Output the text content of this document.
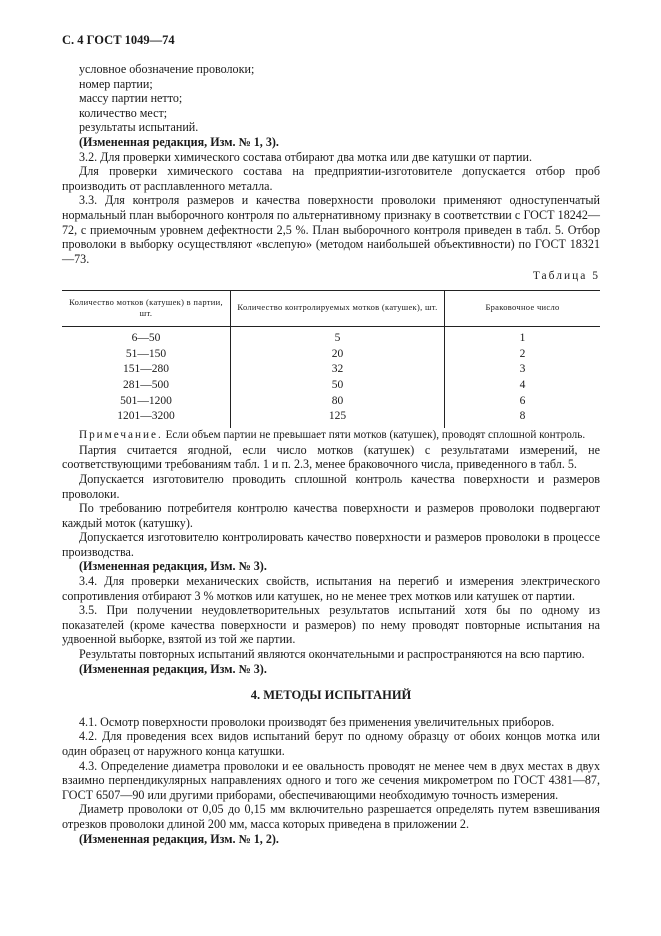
С. 4 ГОСТ 1049—74

условное обозначение проволоки;

номер партии;

массу партии нетто;

количество мест;

результаты испытаний.

(Измененная редакция, Изм. № 1, 3).

3.2. Для проверки химического состава отбирают два мотка или две катушки от партии.

Для проверки химического состава на предприятии-изготовителе допускается отбор проб производить от расплавленного металла.

3.3. Для контроля размеров и качества поверхности проволоки применяют одноступенчатый нормальный план выборочного контроля по альтернативному признаку в соответствии с ГОСТ 18242—72, с приемочным уровнем дефектности 2,5 %. План выборочного контроля приведен в табл. 5. Отбор проволоки в выборку осуществляют «вслепую» (методом наибольшей объективности) по ГОСТ 18321—73.

Таблица 5
Количество мотков (катушек) в партии, шт.	Количество контролируемых мотков (катушек), шт.	Браковочное число
6—50	5	1
51—150	20	2
151—280	32	3
281—500	50	4
501—1200	80	6
1201—3200	125	8

Примечание. Если объем партии не превышает пяти мотков (катушек), проводят сплошной контроль.

Партия считается ягодной, если число мотков (катушек) с результатами измерений, не соответствующими требованиям табл. 1 и п. 2.3, менее браковочного числа, приведенного в табл. 5.

Допускается изготовителю проводить сплошной контроль качества поверхности и размеров проволоки.

По требованию потребителя контролю качества поверхности и размеров проволоки подвергают каждый моток (катушку).

Допускается изготовителю контролировать качество поверхности и размеров проволоки в процессе производства.

(Измененная редакция, Изм. № 3).

3.4. Для проверки механических свойств, испытания на перегиб и измерения электрического сопротивления отбирают 3 % мотков или катушек, но не менее трех мотков или катушек от партии.

3.5. При получении неудовлетворительных результатов испытаний хотя бы по одному из показателей (кроме качества поверхности и размеров) по нему проводят повторные испытания на удвоенной выборке, взятой из той же партии.

Результаты повторных испытаний являются окончательными и распространяются на всю партию.

(Измененная редакция, Изм. № 3).

4. МЕТОДЫ ИСПЫТАНИЙ

4.1. Осмотр поверхности проволоки производят без применения увеличительных приборов.

4.2. Для проведения всех видов испытаний берут по одному образцу от обоих концов мотка или один образец от наружного конца катушки.

4.3. Определение диаметра проволоки и ее овальность проводят не менее чем в двух местах в двух взаимно перпендикулярных направлениях одного и того же сечения микрометром по ГОСТ 4381—87, ГОСТ 6507—90 или другими приборами, обеспечивающими необходимую точность измерения.

Диаметр проволоки от 0,05 до 0,15 мм включительно разрешается определять путем взвешивания отрезков проволоки длиной 200 мм, масса которых приведена в приложении 2.

(Измененная редакция, Изм. № 1, 2).
